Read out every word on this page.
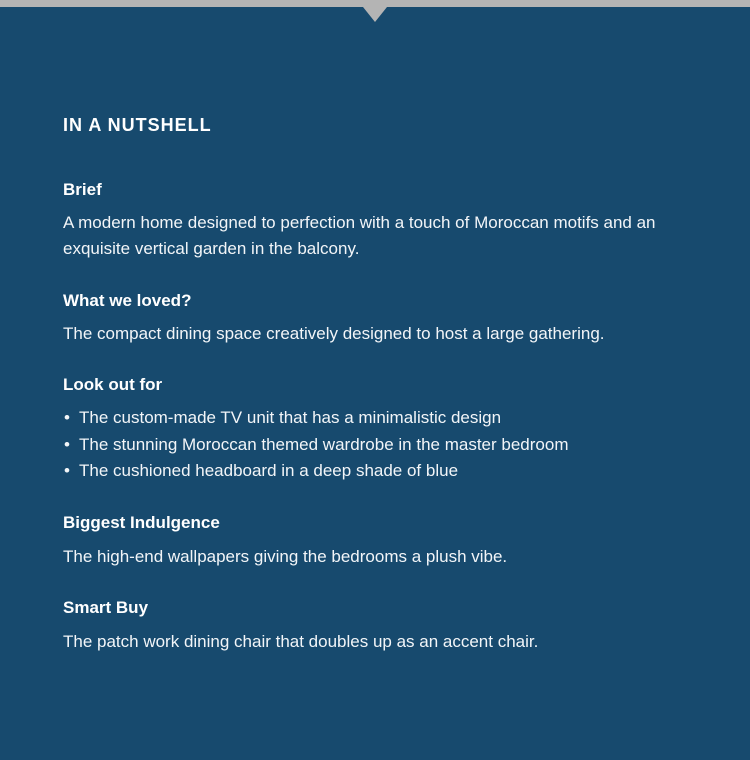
IN A NUTSHELL
Brief

A modern home designed to perfection with a touch of Moroccan motifs and an exquisite vertical garden in the balcony.

What we loved?

The compact dining space creatively designed to host a large gathering.

Look out for
• The custom-made TV unit that has a minimalistic design
• The stunning Moroccan themed wardrobe in the master bedroom
• The cushioned headboard in a deep shade of blue
Biggest Indulgence

The high-end wallpapers giving the bedrooms a plush vibe.

Smart Buy

The patch work dining chair that doubles up as an accent chair.
